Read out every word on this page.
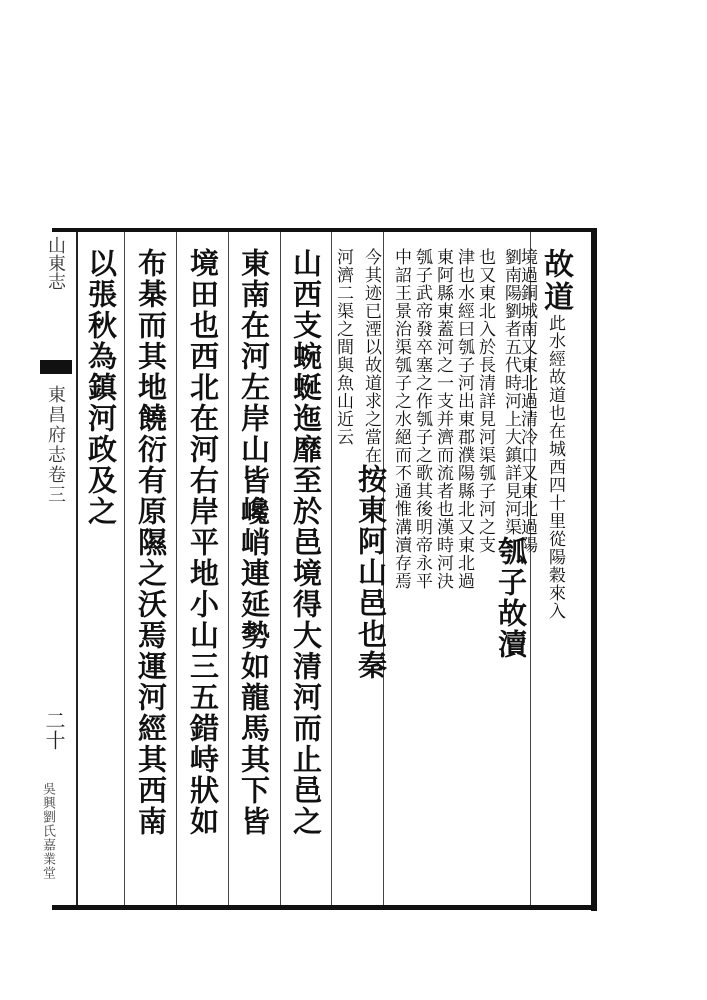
山東志
東昌府志卷三
二十
吳興劉氏嘉業堂
故道此水經故道也在城西四十里從陽穀來入
境過銅城南又東北過清冷口又東北過陽
劉南陽劉者五代時河上大鎮詳見河渠瓠子故瀆
也又東北入於長清詳見河渠瓠子河之支
津也水經曰瓠子河出東郡濮陽縣北又東北過
東阿縣東蓋河之一支并濟而流者也漢時河決
瓠子武帝發卒塞之作瓠子之歌其後明帝永平
中詔王景治渠瓠子之水絕而不通惟溝瀆存焉
今其迹已湮以故道求之當在按東阿山邑也秦
河濟二渠之間與魚山近云
山西支蜿蜒迤靡至於邑境得大清河而止邑之
東南在河左岸山皆巉峭連延勢如龍馬其下皆
境田也西北在河右岸平地小山三五錯峙狀如
布棊而其地饒衍有原隰之沃焉運河經其西南
以張秋為鎮河政及之
